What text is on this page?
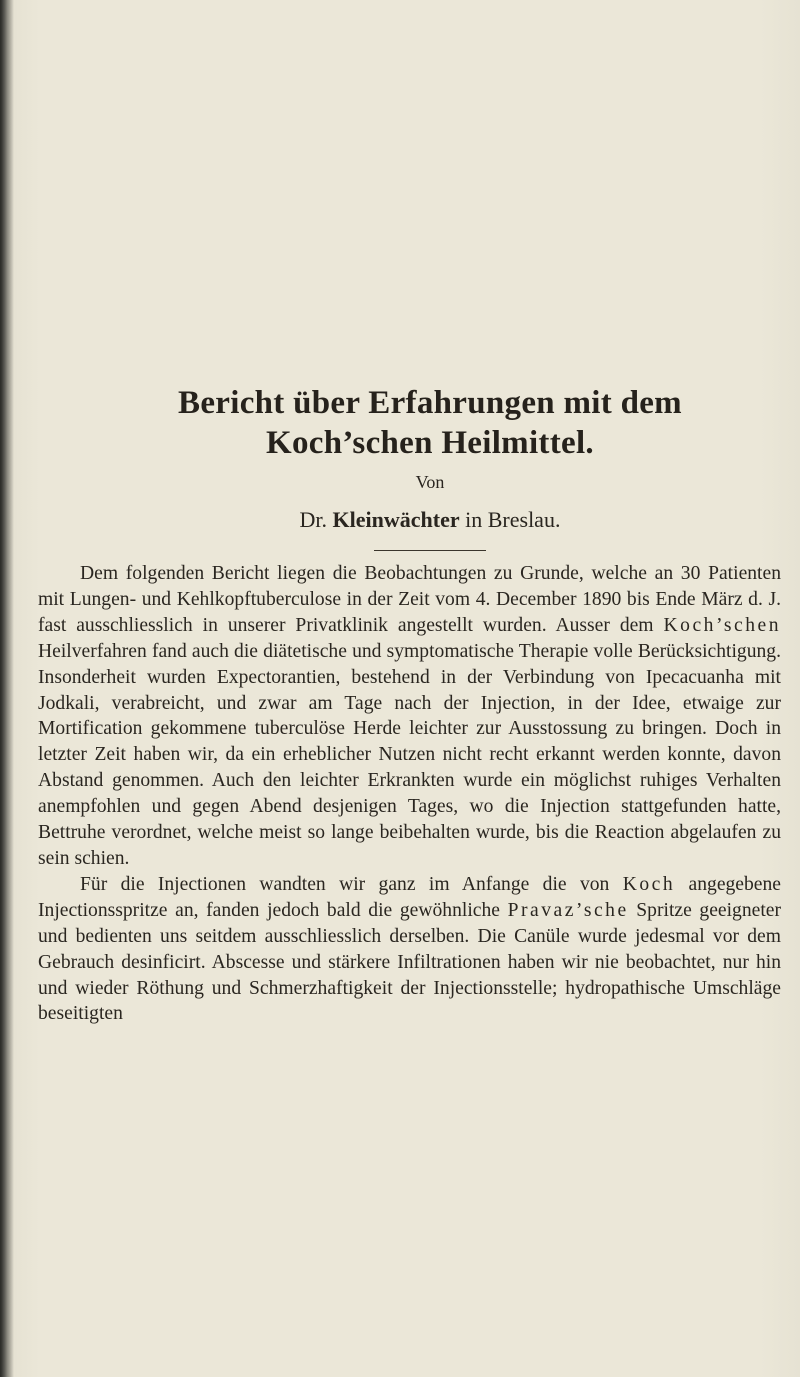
Bericht über Erfahrungen mit dem
Koch’schen Heilmittel.
Von
Dr. Kleinwächter in Breslau.

Dem folgenden Bericht liegen die Beobachtungen zu Grunde, welche an 30 Patienten mit Lungen- und Kehlkopftuberculose in der Zeit vom 4. December 1890 bis Ende März d. J. fast ausschliesslich in unserer Privatklinik angestellt wurden. Ausser dem Koch’schen Heilverfahren fand auch die diätetische und symptomatische Therapie volle Berücksichtigung. Insonderheit wurden Expectorantien, bestehend in der Verbindung von Ipecacuanha mit Jodkali, verabreicht, und zwar am Tage nach der Injection, in der Idee, etwaige zur Mortification gekommene tuberculöse Herde leichter zur Ausstossung zu bringen. Doch in letzter Zeit haben wir, da ein erheblicher Nutzen nicht recht erkannt werden konnte, davon Abstand genommen. Auch den leichter Erkrankten wurde ein möglichst ruhiges Verhalten anempfohlen und gegen Abend desjenigen Tages, wo die Injection stattgefunden hatte, Bettruhe verordnet, welche meist so lange beibehalten wurde, bis die Reaction abgelaufen zu sein schien.

Für die Injectionen wandten wir ganz im Anfange die von Koch angegebene Injectionsspritze an, fanden jedoch bald die gewöhnliche Pravaz’sche Spritze geeigneter und bedienten uns seitdem ausschliesslich derselben. Die Canüle wurde jedesmal vor dem Gebrauch desinficirt. Abscesse und stärkere Infiltrationen haben wir nie beobachtet, nur hin und wieder Röthung und Schmerzhaftigkeit der Injectionsstelle; hydropathische Umschläge beseitigten
